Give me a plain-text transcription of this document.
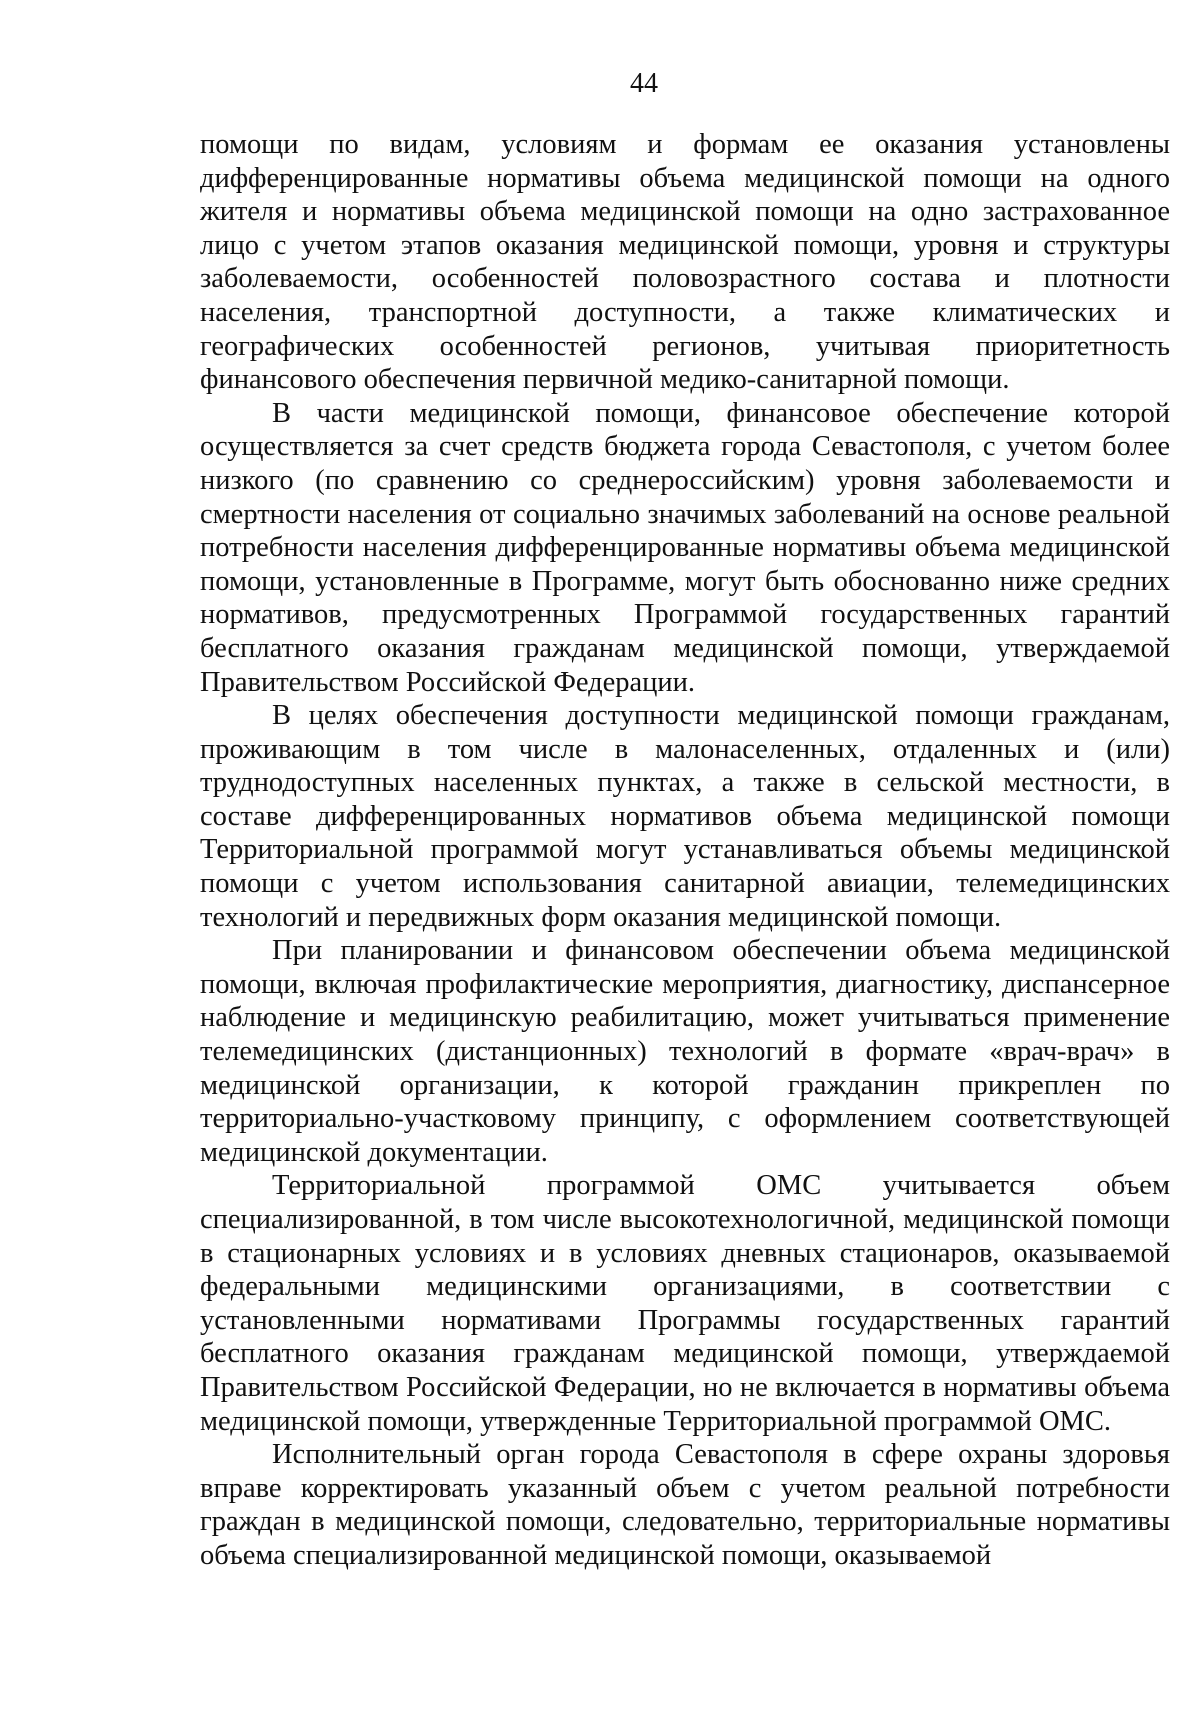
44

помощи по видам, условиям и формам ее оказания установлены дифференцированные нормативы объема медицинской помощи на одного жителя и нормативы объема медицинской помощи на одно застрахованное лицо с учетом этапов оказания медицинской помощи, уровня и структуры заболеваемости, особенностей половозрастного состава и плотности населения, транспортной доступности, а также климатических и географических особенностей регионов, учитывая приоритетность финансового обеспечения первичной медико-санитарной помощи.

В части медицинской помощи, финансовое обеспечение которой осуществляется за счет средств бюджета города Севастополя, с учетом более низкого (по сравнению со среднероссийским) уровня заболеваемости и смертности населения от социально значимых заболеваний на основе реальной потребности населения дифференцированные нормативы объема медицинской помощи, установленные в Программе, могут быть обоснованно ниже средних нормативов, предусмотренных Программой государственных гарантий бесплатного оказания гражданам медицинской помощи, утверждаемой Правительством Российской Федерации.

В целях обеспечения доступности медицинской помощи гражданам, проживающим в том числе в малонаселенных, отдаленных и (или) труднодоступных населенных пунктах, а также в сельской местности, в составе дифференцированных нормативов объема медицинской помощи Территориальной программой могут устанавливаться объемы медицинской помощи с учетом использования санитарной авиации, телемедицинских технологий и передвижных форм оказания медицинской помощи.

При планировании и финансовом обеспечении объема медицинской помощи, включая профилактические мероприятия, диагностику, диспансерное наблюдение и медицинскую реабилитацию, может учитываться применение телемедицинских (дистанционных) технологий в формате «врач-врач» в медицинской организации, к которой гражданин прикреплен по территориально-участковому принципу, с оформлением соответствующей медицинской документации.

Территориальной программой ОМС учитывается объем специализированной, в том числе высокотехнологичной, медицинской помощи в стационарных условиях и в условиях дневных стационаров, оказываемой федеральными медицинскими организациями, в соответствии с установленными нормативами Программы государственных гарантий бесплатного оказания гражданам медицинской помощи, утверждаемой Правительством Российской Федерации, но не включается в нормативы объема медицинской помощи, утвержденные Территориальной программой ОМС.

Исполнительный орган города Севастополя в сфере охраны здоровья вправе корректировать указанный объем с учетом реальной потребности граждан в медицинской помощи, следовательно, территориальные нормативы объема специализированной медицинской помощи, оказываемой
